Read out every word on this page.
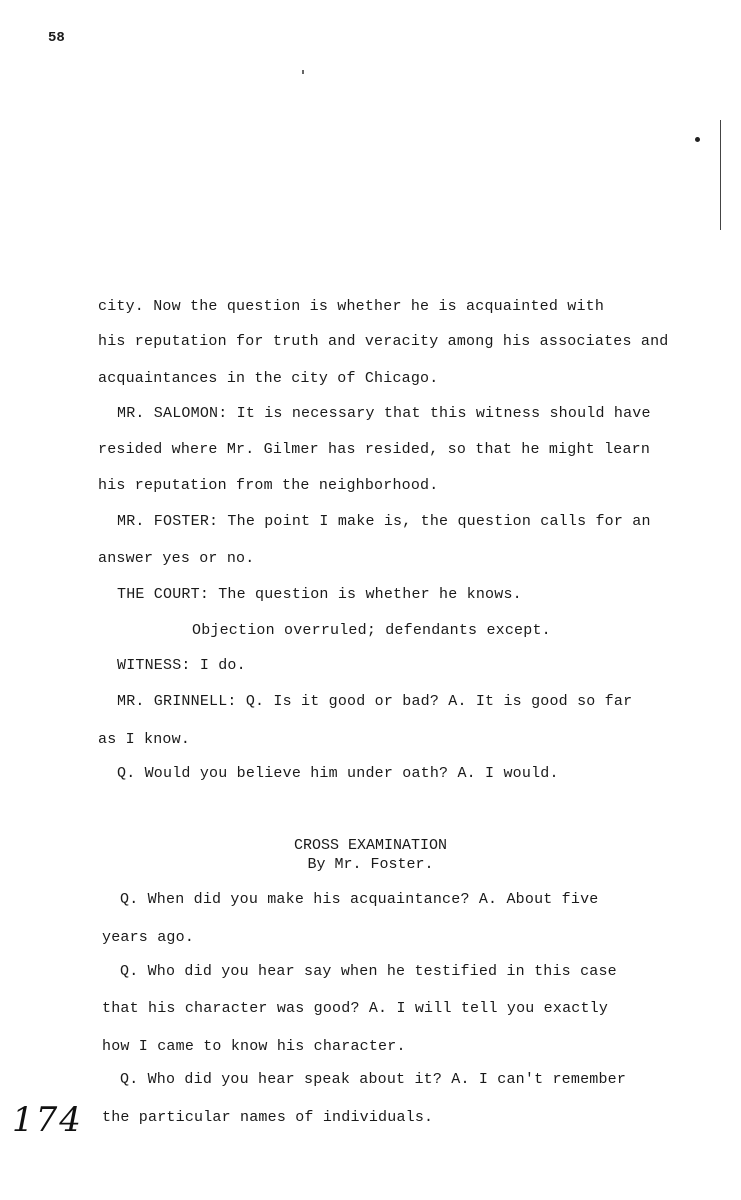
58
city. Now the question is whether he is acquainted with
his reputation for truth and veracity among his associates and
acquaintances in the city of Chicago.
MR. SALOMON: It is necessary that this witness should have
resided where Mr. Gilmer has resided, so that he might learn
his reputation from the neighborhood.
MR. FOSTER: The point I make is, the question calls for an
answer yes or no.
THE COURT: The question is whether he knows.
Objection overruled; defendants except.
WITNESS: I do.
MR. GRINNELL: Q. Is it good or bad? A. It is good so far
as I know.
Q. Would you believe him under oath? A. I would.
CROSS EXAMINATION
By Mr. Foster.
Q. When did you make his acquaintance? A. About five
years ago.
Q. Who did you hear say when he testified in this case
that his character was good? A. I will tell you exactly
how I came to know his character.
Q. Who did you hear speak about it? A. I can't remember
the particular names of individuals.
174
